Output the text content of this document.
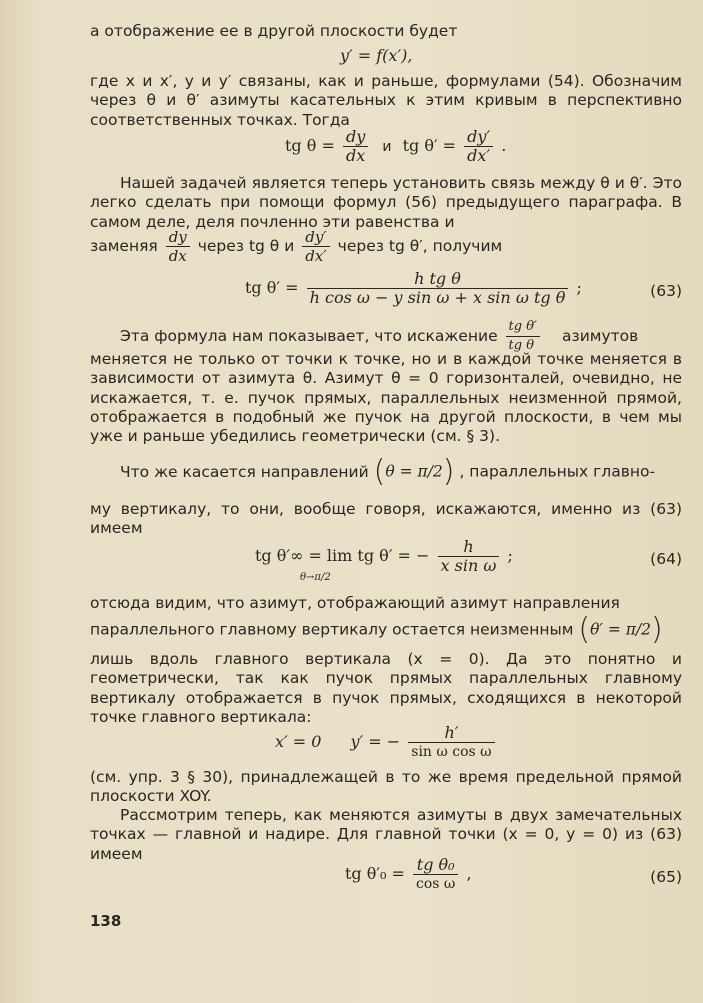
а отображение ее в другой плоскости будет
y′ = f(x′),
где x и x′, y и y′ связаны, как и раньше, формулами (54). Обозначим через θ и θ′ азимуты касательных к этим кривым в перспективно соответственных точках. Тогда
tg $\theta = \frac{dy}{dx}$ и tg $\theta' = \frac{dy'}{dx'}$ .
Нашей задачей является теперь установить связь между θ и θ′. Это легко сделать при помощи формул (56) предыдущего параграфа. В самом деле, деля почленно эти равенства и
заменяя $\frac{dy}{dx}$ через tg θ и $\frac{dy'}{dx'}$ через tg θ′, получим
tg $\theta' = \frac{\text{h tg θ}}{\text{h cos ω − y sin ω + x sin ω tg θ}}$ ;	(63)
Эта формула нам показывает, что искажение $\frac{\text{tg θ′}}{\text{tg θ}}$ азимутов
меняется не только от точки к точке, но и в каждой точке меняется в зависимости от азимута θ. Азимут θ = 0 горизонталей, очевидно, не искажается, т. е. пучок прямых, параллельных неизменной прямой, отображается в подобный же пучок на другой плоскости, в чем мы уже и раньше убедились геометрически (см. § 3).
Что же касается направлений (θ = π/2) , параллельных главно-
му вертикалу, то они, вообще говоря, искажаются, именно из (63) имеем
tg θ′∞ = lim tg θ′ = − $\frac{h}{\text{x sin ω}}$ ;
θ→π/2
(64)
отсюда видим, что азимут, отображающий азимут направления
параллельного главному вертикалу остается неизменным (θ′ = π/2)
лишь вдоль главного вертикала (x = 0). Да это понятно и геометрически, так как пучок прямых параллельных главному вертикалу отображается в пучок прямых, сходящихся в некоторой точке главного вертикала:
x′ = 0 y′ = − $\frac{h'}{\text{sin ω cos ω}}$
(см. упр. 3 § 30), принадлежащей в то же время предельной прямой плоскости XOY.
Рассмотрим теперь, как меняются азимуты в двух замечательных точках — главной и надире. Для главной точки (x = 0, y = 0) из (63) имеем
tg $\theta'_0 = \frac{\text{tg θ₀}}{\text{cos ω}}$ ,	(65)
138
